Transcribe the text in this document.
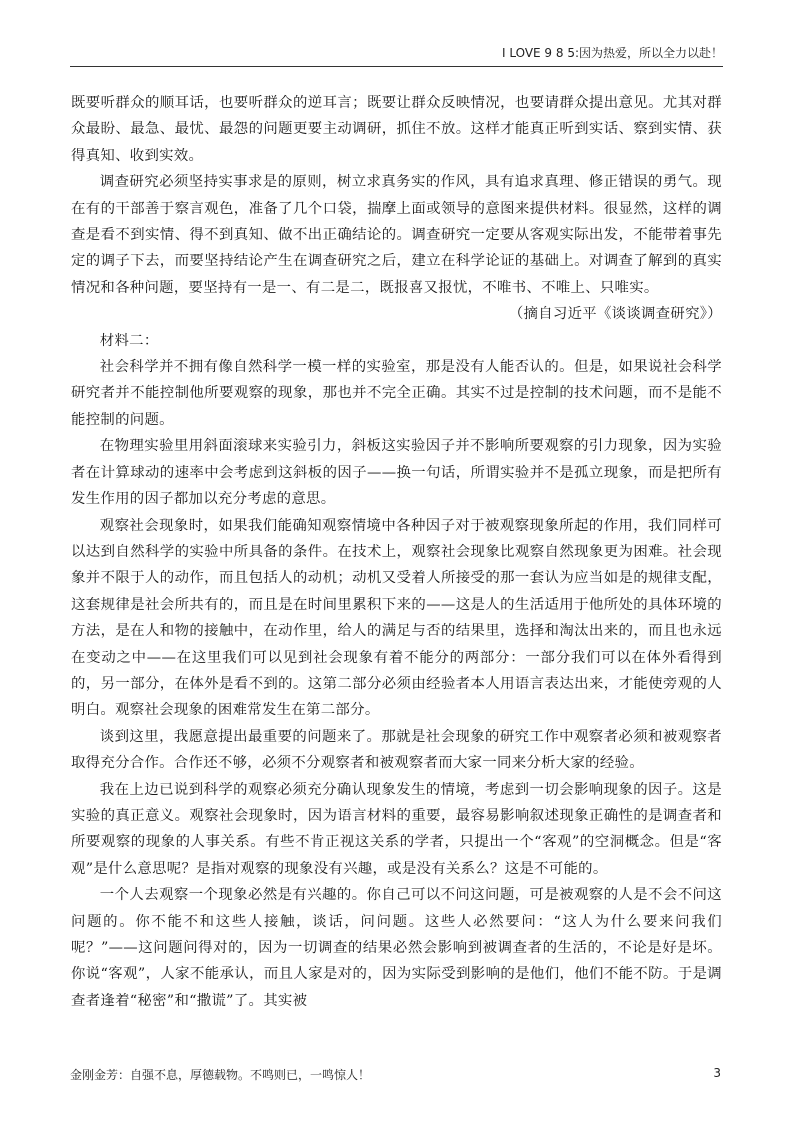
I LOVE 9 8 5:因为热爱，所以全力以赴！

既要听群众的顺耳话，也要听群众的逆耳言；既要让群众反映情况，也要请群众提出意见。尤其对群众最盼、最急、最忧、最怨的问题更要主动调研，抓住不放。这样才能真正听到实话、察到实情、获得真知、收到实效。

调查研究必须坚持实事求是的原则，树立求真务实的作风，具有追求真理、修正错误的勇气。现在有的干部善于察言观色，准备了几个口袋，揣摩上面或领导的意图来提供材料。很显然，这样的调查是看不到实情、得不到真知、做不出正确结论的。调查研究一定要从客观实际出发，不能带着事先定的调子下去，而要坚持结论产生在调查研究之后，建立在科学论证的基础上。对调查了解到的真实情况和各种问题，要坚持有一是一、有二是二，既报喜又报忧，不唯书、不唯上、只唯实。

（摘自习近平《谈谈调查研究》）

材料二：

社会科学并不拥有像自然科学一模一样的实验室，那是没有人能否认的。但是，如果说社会科学研究者并不能控制他所要观察的现象，那也并不完全正确。其实不过是控制的技术问题，而不是能不能控制的问题。

在物理实验里用斜面滚球来实验引力，斜板这实验因子并不影响所要观察的引力现象，因为实验者在计算球动的速率中会考虑到这斜板的因子——换一句话，所谓实验并不是孤立现象，而是把所有发生作用的因子都加以充分考虑的意思。

观察社会现象时，如果我们能确知观察情境中各种因子对于被观察现象所起的作用，我们同样可以达到自然科学的实验中所具备的条件。在技术上，观察社会现象比观察自然现象更为困难。社会现象并不限于人的动作，而且包括人的动机；动机又受着人所接受的那一套认为应当如是的规律支配，这套规律是社会所共有的，而且是在时间里累积下来的——这是人的生活适用于他所处的具体环境的方法，是在人和物的接触中，在动作里，给人的满足与否的结果里，选择和淘汰出来的，而且也永远在变动之中——在这里我们可以见到社会现象有着不能分的两部分：一部分我们可以在体外看得到的，另一部分，在体外是看不到的。这第二部分必须由经验者本人用语言表达出来，才能使旁观的人明白。观察社会现象的困难常发生在第二部分。

谈到这里，我愿意提出最重要的问题来了。那就是社会现象的研究工作中观察者必须和被观察者取得充分合作。合作还不够，必须不分观察者和被观察者而大家一同来分析大家的经验。

我在上边已说到科学的观察必须充分确认现象发生的情境，考虑到一切会影响现象的因子。这是实验的真正意义。观察社会现象时，因为语言材料的重要，最容易影响叙述现象正确性的是调查者和所要观察的现象的人事关系。有些不肯正视这关系的学者，只提出一个“客观”的空洞概念。但是“客观”是什么意思呢？是指对观察的现象没有兴趣，或是没有关系么？这是不可能的。

一个人去观察一个现象必然是有兴趣的。你自己可以不问这问题，可是被观察的人是不会不问这问题的。你不能不和这些人接触，谈话，问问题。这些人必然要问：“这人为什么要来问我们呢？”——这问题问得对的，因为一切调查的结果必然会影响到被调查者的生活的，不论是好是坏。你说“客观”，人家不能承认，而且人家是对的，因为实际受到影响的是他们，他们不能不防。于是调查者逢着“秘密”和“撒谎”了。其实被

金刚金芳：自强不息，厚德载物。不鸣则已，一鸣惊人！	3
